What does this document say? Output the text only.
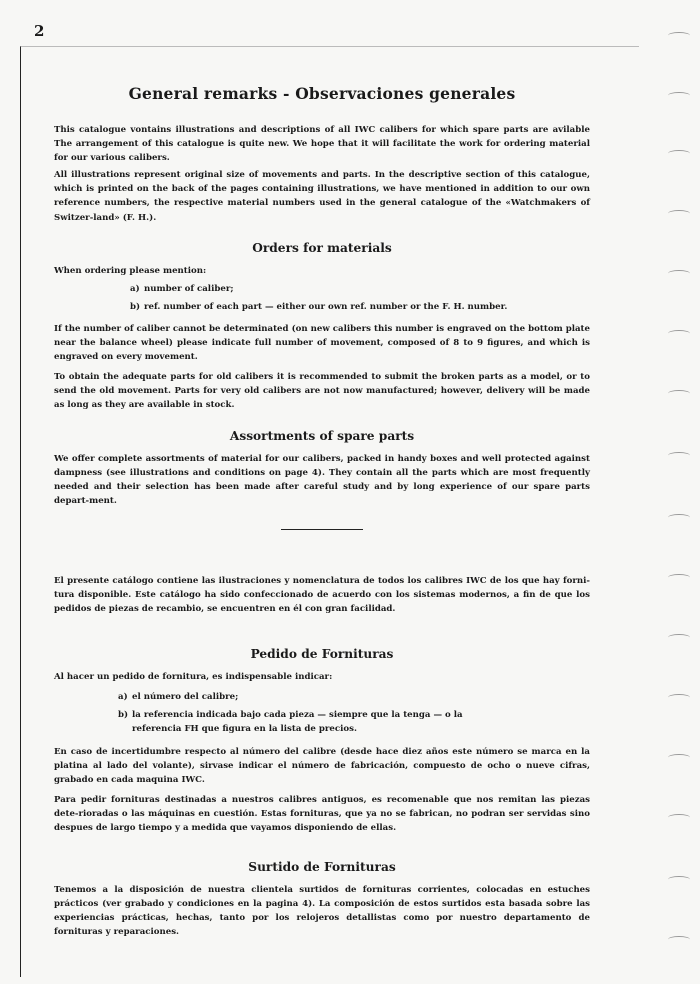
2
General remarks - Observaciones generales

This catalogue vontains illustrations and descriptions of all IWC calibers for which spare parts are avilable The arrangement of this catalogue is quite new. We hope that it will facilitate the work for ordering material for our various calibers.

All illustrations represent original size of movements and parts. In the descriptive section of this catalogue, which is printed on the back of the pages containing illustrations, we have mentioned in addition to our own reference numbers, the respective material numbers used in the general catalogue of the «Watchmakers of Switzer-land» (F. H.).

Orders for materials

When ordering please mention:

a) number of caliber;
b) ref. number of each part — either our own ref. number or the F. H. number.

If the number of caliber cannot be determinated (on new calibers this number is engraved on the bottom plate near the balance wheel) please indicate full number of movement, composed of 8 to 9 figures, and which is engraved on every movement.

To obtain the adequate parts for old calibers it is recommended to submit the broken parts as a model, or to send the old movement. Parts for very old calibers are not now manufactured; however, delivery will be made as long as they are available in stock.

Assortments of spare parts

We offer complete assortments of material for our calibers, packed in handy boxes and well protected against dampness (see illustrations and conditions on page 4). They contain all the parts which are most frequently needed and their selection has been made after careful study and by long experience of our spare parts depart-ment.

El presente catálogo contiene las ilustraciones y nomenclatura de todos los calibres IWC de los que hay forni-tura disponible. Este catálogo ha sido confeccionado de acuerdo con los sistemas modernos, a fin de que los pedidos de piezas de recambio, se encuentren en él con gran facilidad.

Pedido de Fornituras

Al hacer un pedido de fornitura, es indispensable indicar:

a) el número del calibre;
b) la referencia indicada bajo cada pieza — siempre que la tenga — o la referencia FH que figura en la lista de precios.

En caso de incertidumbre respecto al número del calibre (desde hace diez años este número se marca en la platina al lado del volante), sirvase indicar el número de fabricación, compuesto de ocho o nueve cifras, grabado en cada maquina IWC.

Para pedir fornituras destinadas a nuestros calibres antiguos, es recomenable que nos remitan las piezas dete-rioradas o las máquinas en cuestión. Estas fornituras, que ya no se fabrican, no podran ser servidas sino despues de largo tiempo y a medida que vayamos disponiendo de ellas.

Surtido de Fornituras

Tenemos a la disposición de nuestra clientela surtidos de fornituras corrientes, colocadas en estuches prácticos (ver grabado y condiciones en la pagina 4). La composición de estos surtidos esta basada sobre las experiencias prácticas, hechas, tanto por los relojeros detallistas como por nuestro departamento de fornituras y reparaciones.
